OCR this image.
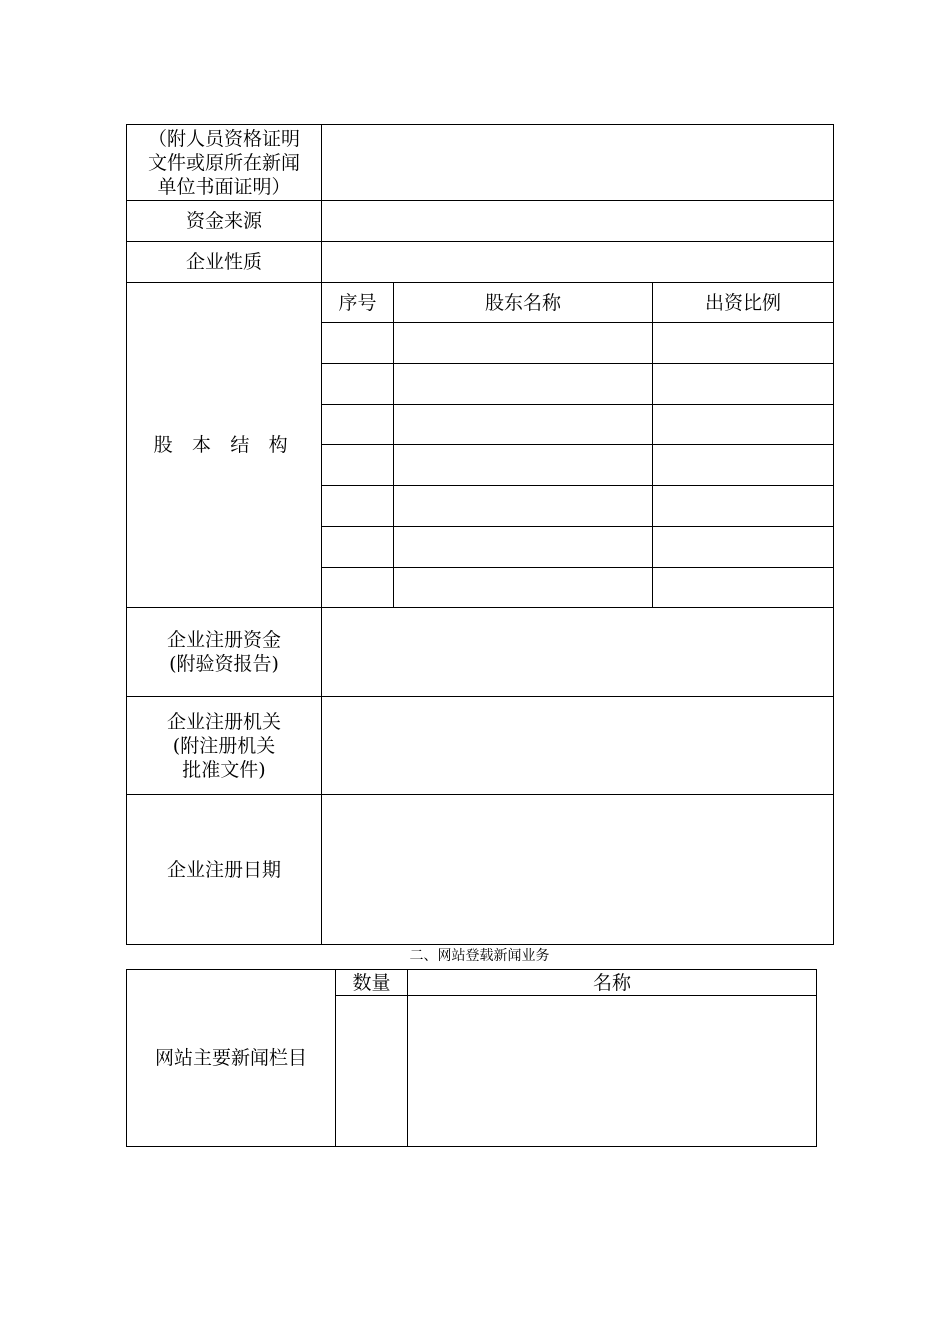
（附人员资格证明
文件或原所在新闻
单位书面证明）			
资金来源			
企业性质			
股 本 结 构	序号	股东名称	出资比例

企业注册资金
(附验资报告)			
企业注册机关
(附注册机关
批准文件)			
企业注册日期			
二、网站登载新闻业务
网站主要新闻栏目	数量	名称
